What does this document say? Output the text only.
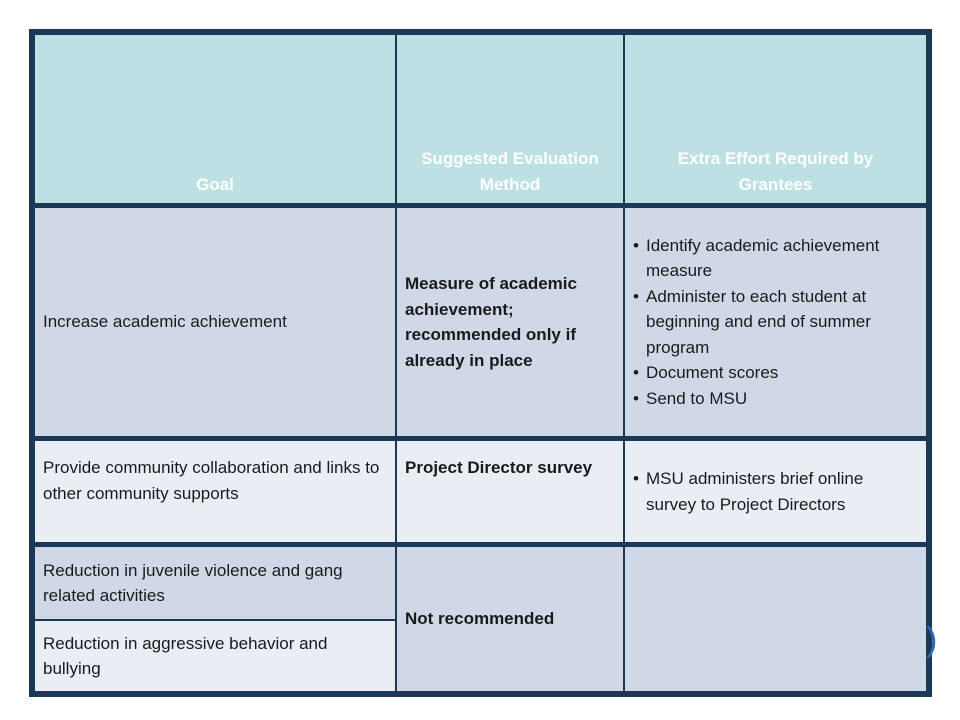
Goal
Suggested Evaluation Method
Extra Effort Required by Grantees
Increase academic achievement
Measure of academic achievement; recommended only if already in place
• Identify academic achievement measure
• Administer to each student at beginning and end of summer program
• Document scores
• Send to MSU
Provide community collaboration and links to other community supports
Project Director survey
• MSU administers brief online survey to Project Directors
Reduction in juvenile violence and gang related activities
Reduction in aggressive behavior and bullying
Not recommended
)
